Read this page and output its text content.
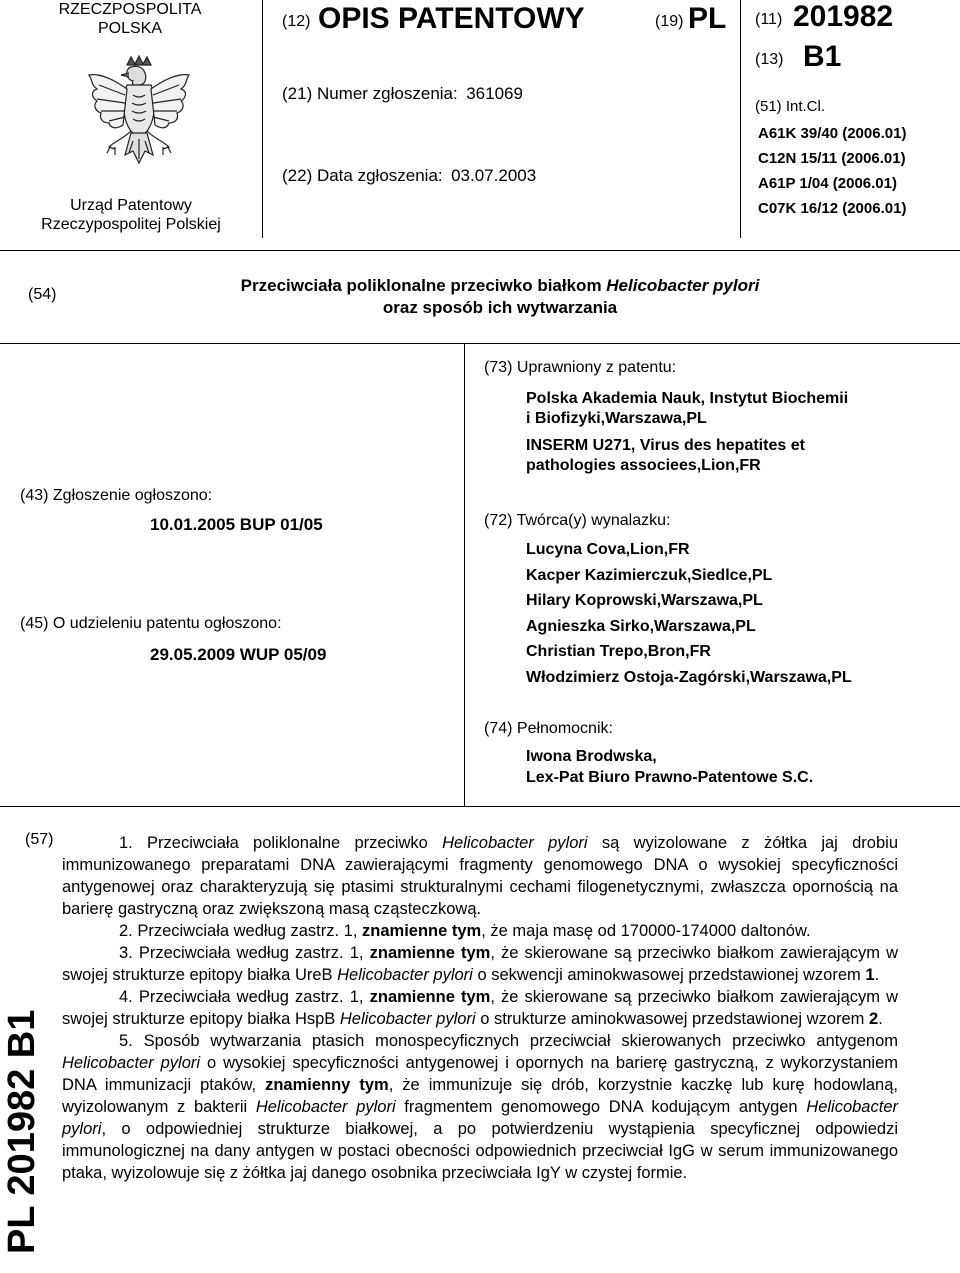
RZECZPOSPOLITA
POLSKA
Urząd Patentowy
Rzeczypospolitej Polskiej
(12) OPIS PATENTOWY	(19) PL
(21) Numer zgłoszenia: 361069
(22) Data zgłoszenia: 03.07.2003
(11) 201982
(13) B1
(51) Int.Cl.
A61K 39/40 (2006.01)
C12N 15/11 (2006.01)
A61P 1/04 (2006.01)
C07K 16/12 (2006.01)
(54)	Przeciwciała poliklonalne przeciwko białkom Helicobacter pylori
oraz sposób ich wytwarzania
(43) Zgłoszenie ogłoszono:
10.01.2005 BUP 01/05
(45) O udzieleniu patentu ogłoszono:
29.05.2009 WUP 05/09
(73) Uprawniony z patentu:
Polska Akademia Nauk, Instytut Biochemii
i Biofizyki,Warszawa,PL
INSERM U271, Virus des hepatites et
pathologies associees,Lion,FR
(72) Twórca(y) wynalazku:
Lucyna Cova,Lion,FR
Kacper Kazimierczuk,Siedlce,PL
Hilary Koprowski,Warszawa,PL
Agnieszka Sirko,Warszawa,PL
Christian Trepo,Bron,FR
Włodzimierz Ostoja-Zagórski,Warszawa,PL
(74) Pełnomocnik:
Iwona Brodwska,
Lex-Pat Biuro Prawno-Patentowe S.C.
(57)
PL 201982 B1

1. Przeciwciała poliklonalne przeciwko Helicobacter pylori są wyizolowane z żółtka jaj drobiu immunizowanego preparatami DNA zawierającymi fragmenty genomowego DNA o wysokiej specyficzności antygenowej oraz charakteryzują się ptasimi strukturalnymi cechami filogenetycznymi, zwłaszcza opornością na barierę gastryczną oraz zwiększoną masą cząsteczkową.

2. Przeciwciała według zastrz. 1, znamienne tym, że maja masę od 170000-174000 daltonów.

3. Przeciwciała według zastrz. 1, znamienne tym, że skierowane są przeciwko białkom zawierającym w swojej strukturze epitopy białka UreB Helicobacter pylori o sekwencji aminokwasowej przedstawionej wzorem 1.

4. Przeciwciała według zastrz. 1, znamienne tym, że skierowane są przeciwko białkom zawierającym w swojej strukturze epitopy białka HspB Helicobacter pylori o strukturze aminokwasowej przedstawionej wzorem 2.

5. Sposób wytwarzania ptasich monospecyficznych przeciwciał skierowanych przeciwko antygenom Helicobacter pylori o wysokiej specyficzności antygenowej i opornych na barierę gastryczną, z wykorzystaniem DNA immunizacji ptaków, znamienny tym, że immunizuje się drób, korzystnie kaczkę lub kurę hodowlaną, wyizolowanym z bakterii Helicobacter pylori fragmentem genomowego DNA kodującym antygen Helicobacter pylori, o odpowiedniej strukturze białkowej, a po potwierdzeniu wystąpienia specyficznej odpowiedzi immunologicznej na dany antygen w postaci obecności odpowiednich przeciwciał IgG w serum immunizowanego ptaka, wyizolowuje się z żółtka jaj danego osobnika przeciwciała IgY w czystej formie.
